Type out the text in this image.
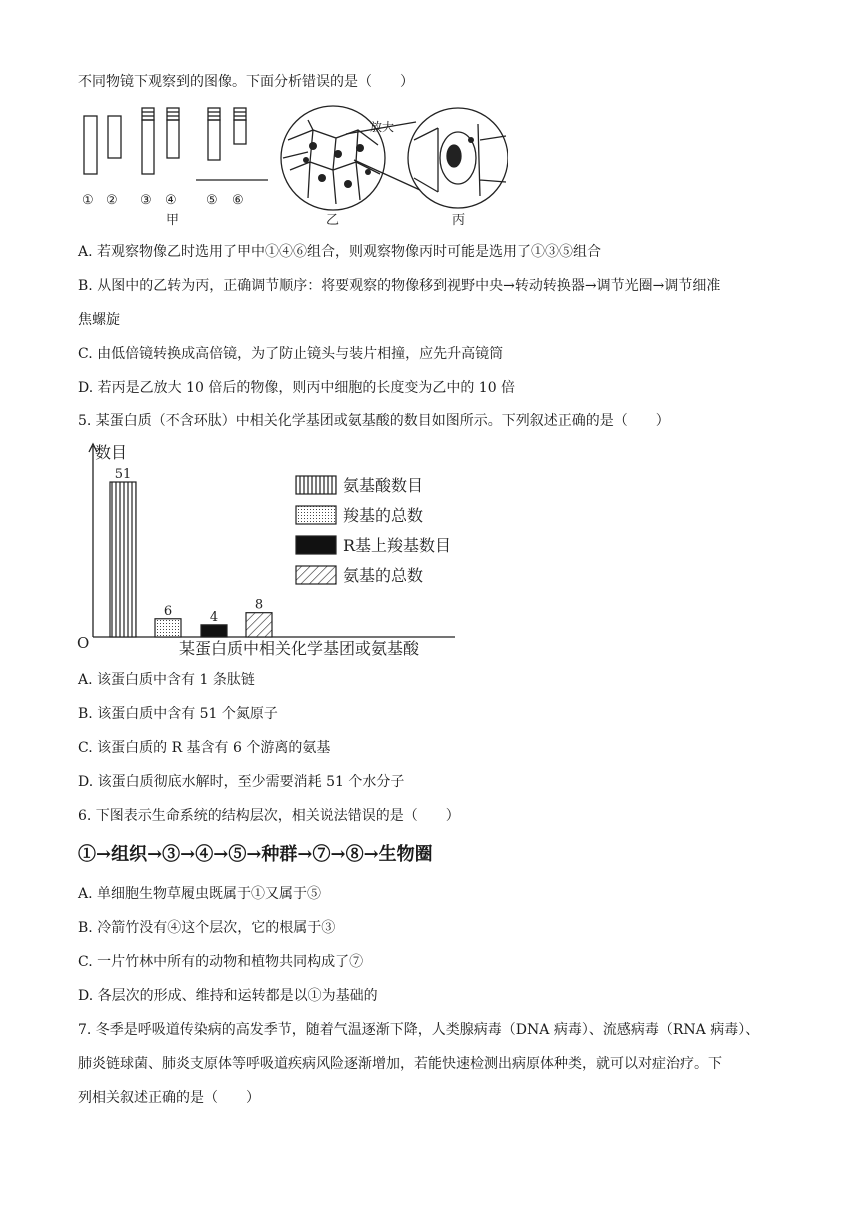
不同物镜下观察到的图像。下面分析错误的是（　　）
放大
① ② ③ ④ ⑤ ⑥
甲	乙	丙
A. 若观察物像乙时选用了甲中①④⑥组合，则观察物像丙时可能是选用了①③⑤组合
B. 从图中的乙转为丙，正确调节顺序：将要观察的物像移到视野中央→转动转换器→调节光圈→调节细准
焦螺旋
C. 由低倍镜转换成高倍镜，为了防止镜头与装片相撞，应先升高镜筒
D. 若丙是乙放大 10 倍后的物像，则丙中细胞的长度变为乙中的 10 倍
5. 某蛋白质（不含环肽）中相关化学基团或氨基酸的数目如图所示。下列叙述正确的是（　　）
数目
O	某蛋白质中相关化学基团或氨基酸
51
6	4
8
氨基酸数目
羧基的总数
R基上羧基数目
氨基的总数
A. 该蛋白质中含有 1 条肽链
B. 该蛋白质中含有 51 个氮原子
C. 该蛋白质的 R 基含有 6 个游离的氨基
D. 该蛋白质彻底水解时，至少需要消耗 51 个水分子
6. 下图表示生命系统的结构层次，相关说法错误的是（　　）
①→组织→③→④→⑤→种群→⑦→⑧→生物圈
A. 单细胞生物草履虫既属于①又属于⑤
B. 冷箭竹没有④这个层次，它的根属于③
C. 一片竹林中所有的动物和植物共同构成了⑦
D. 各层次的形成、维持和运转都是以①为基础的
7. 冬季是呼吸道传染病的高发季节，随着气温逐渐下降，人类腺病毒（DNA 病毒）、流感病毒（RNA 病毒）、
肺炎链球菌、肺炎支原体等呼吸道疾病风险逐渐增加，若能快速检测出病原体种类，就可以对症治疗。下
列相关叙述正确的是（　　）
